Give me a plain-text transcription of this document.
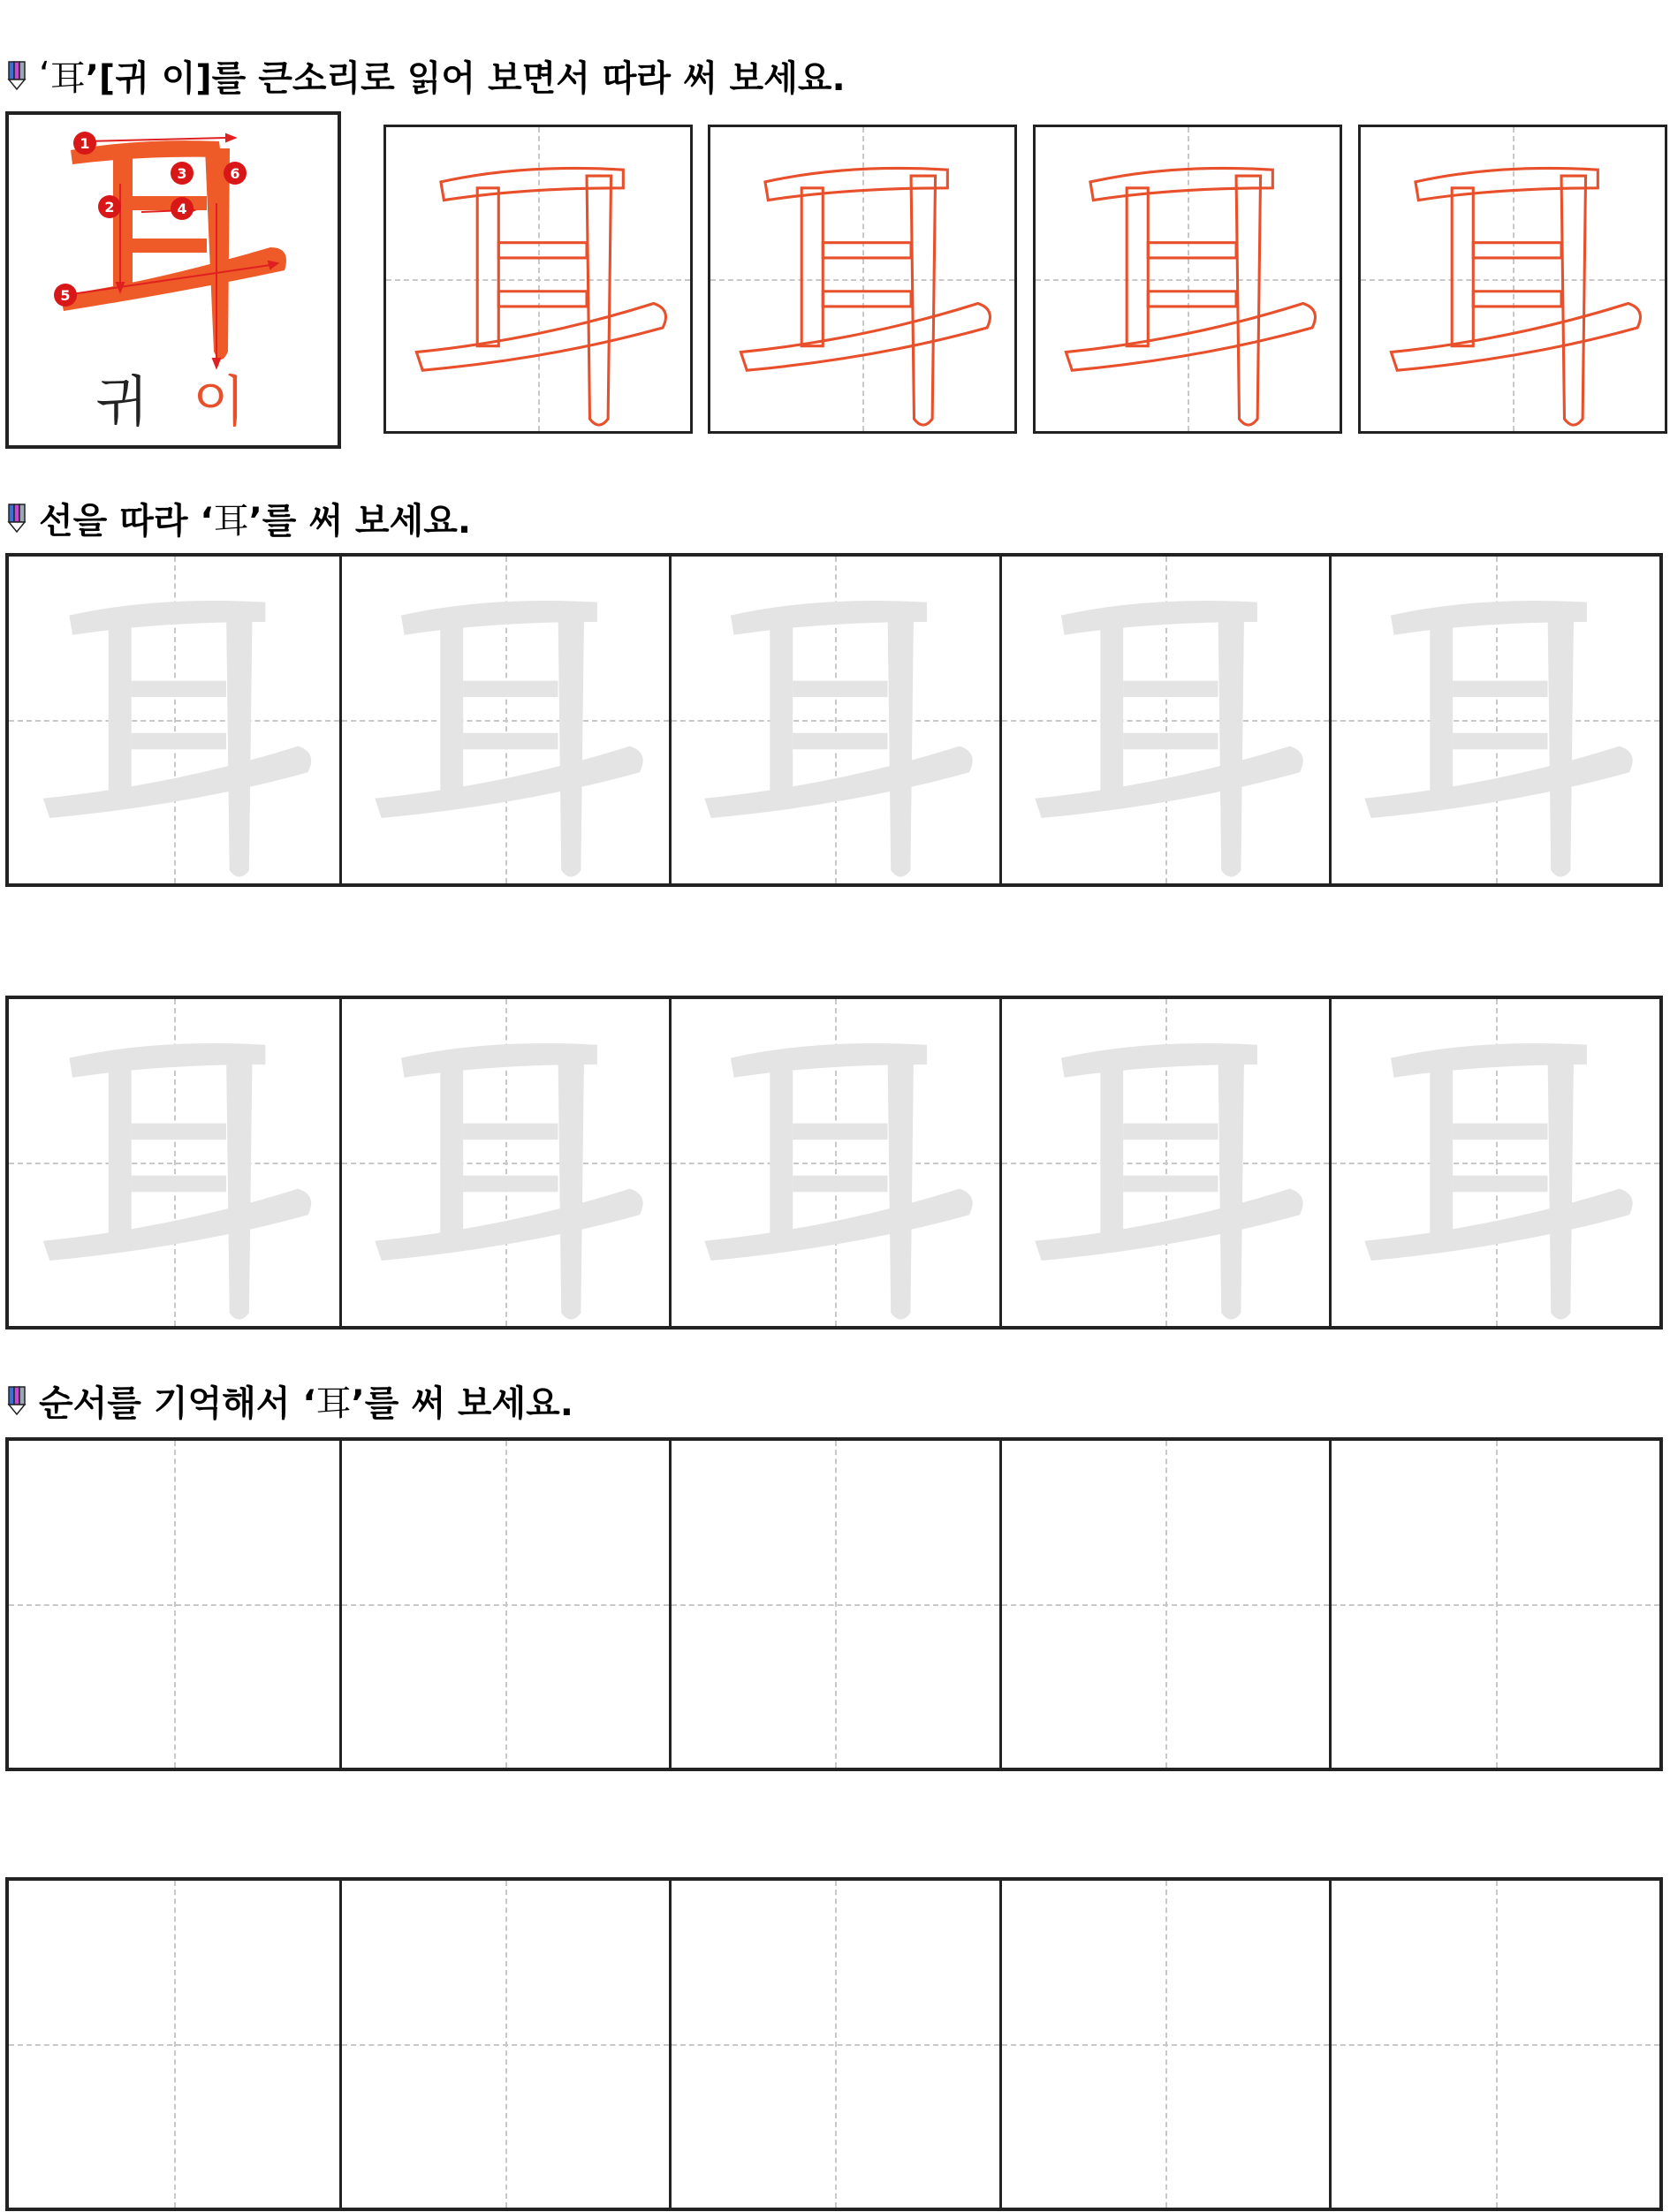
‘ 耳 ’[귀 이]를 큰소리로 읽어 보면서 따라 써 보세요.
1
2
3
4
5
6
귀 이
선을 따라 ‘ 耳 ’를 써 보세요.
순서를 기억해서 ‘ 耳 ’를 써 보세요.
